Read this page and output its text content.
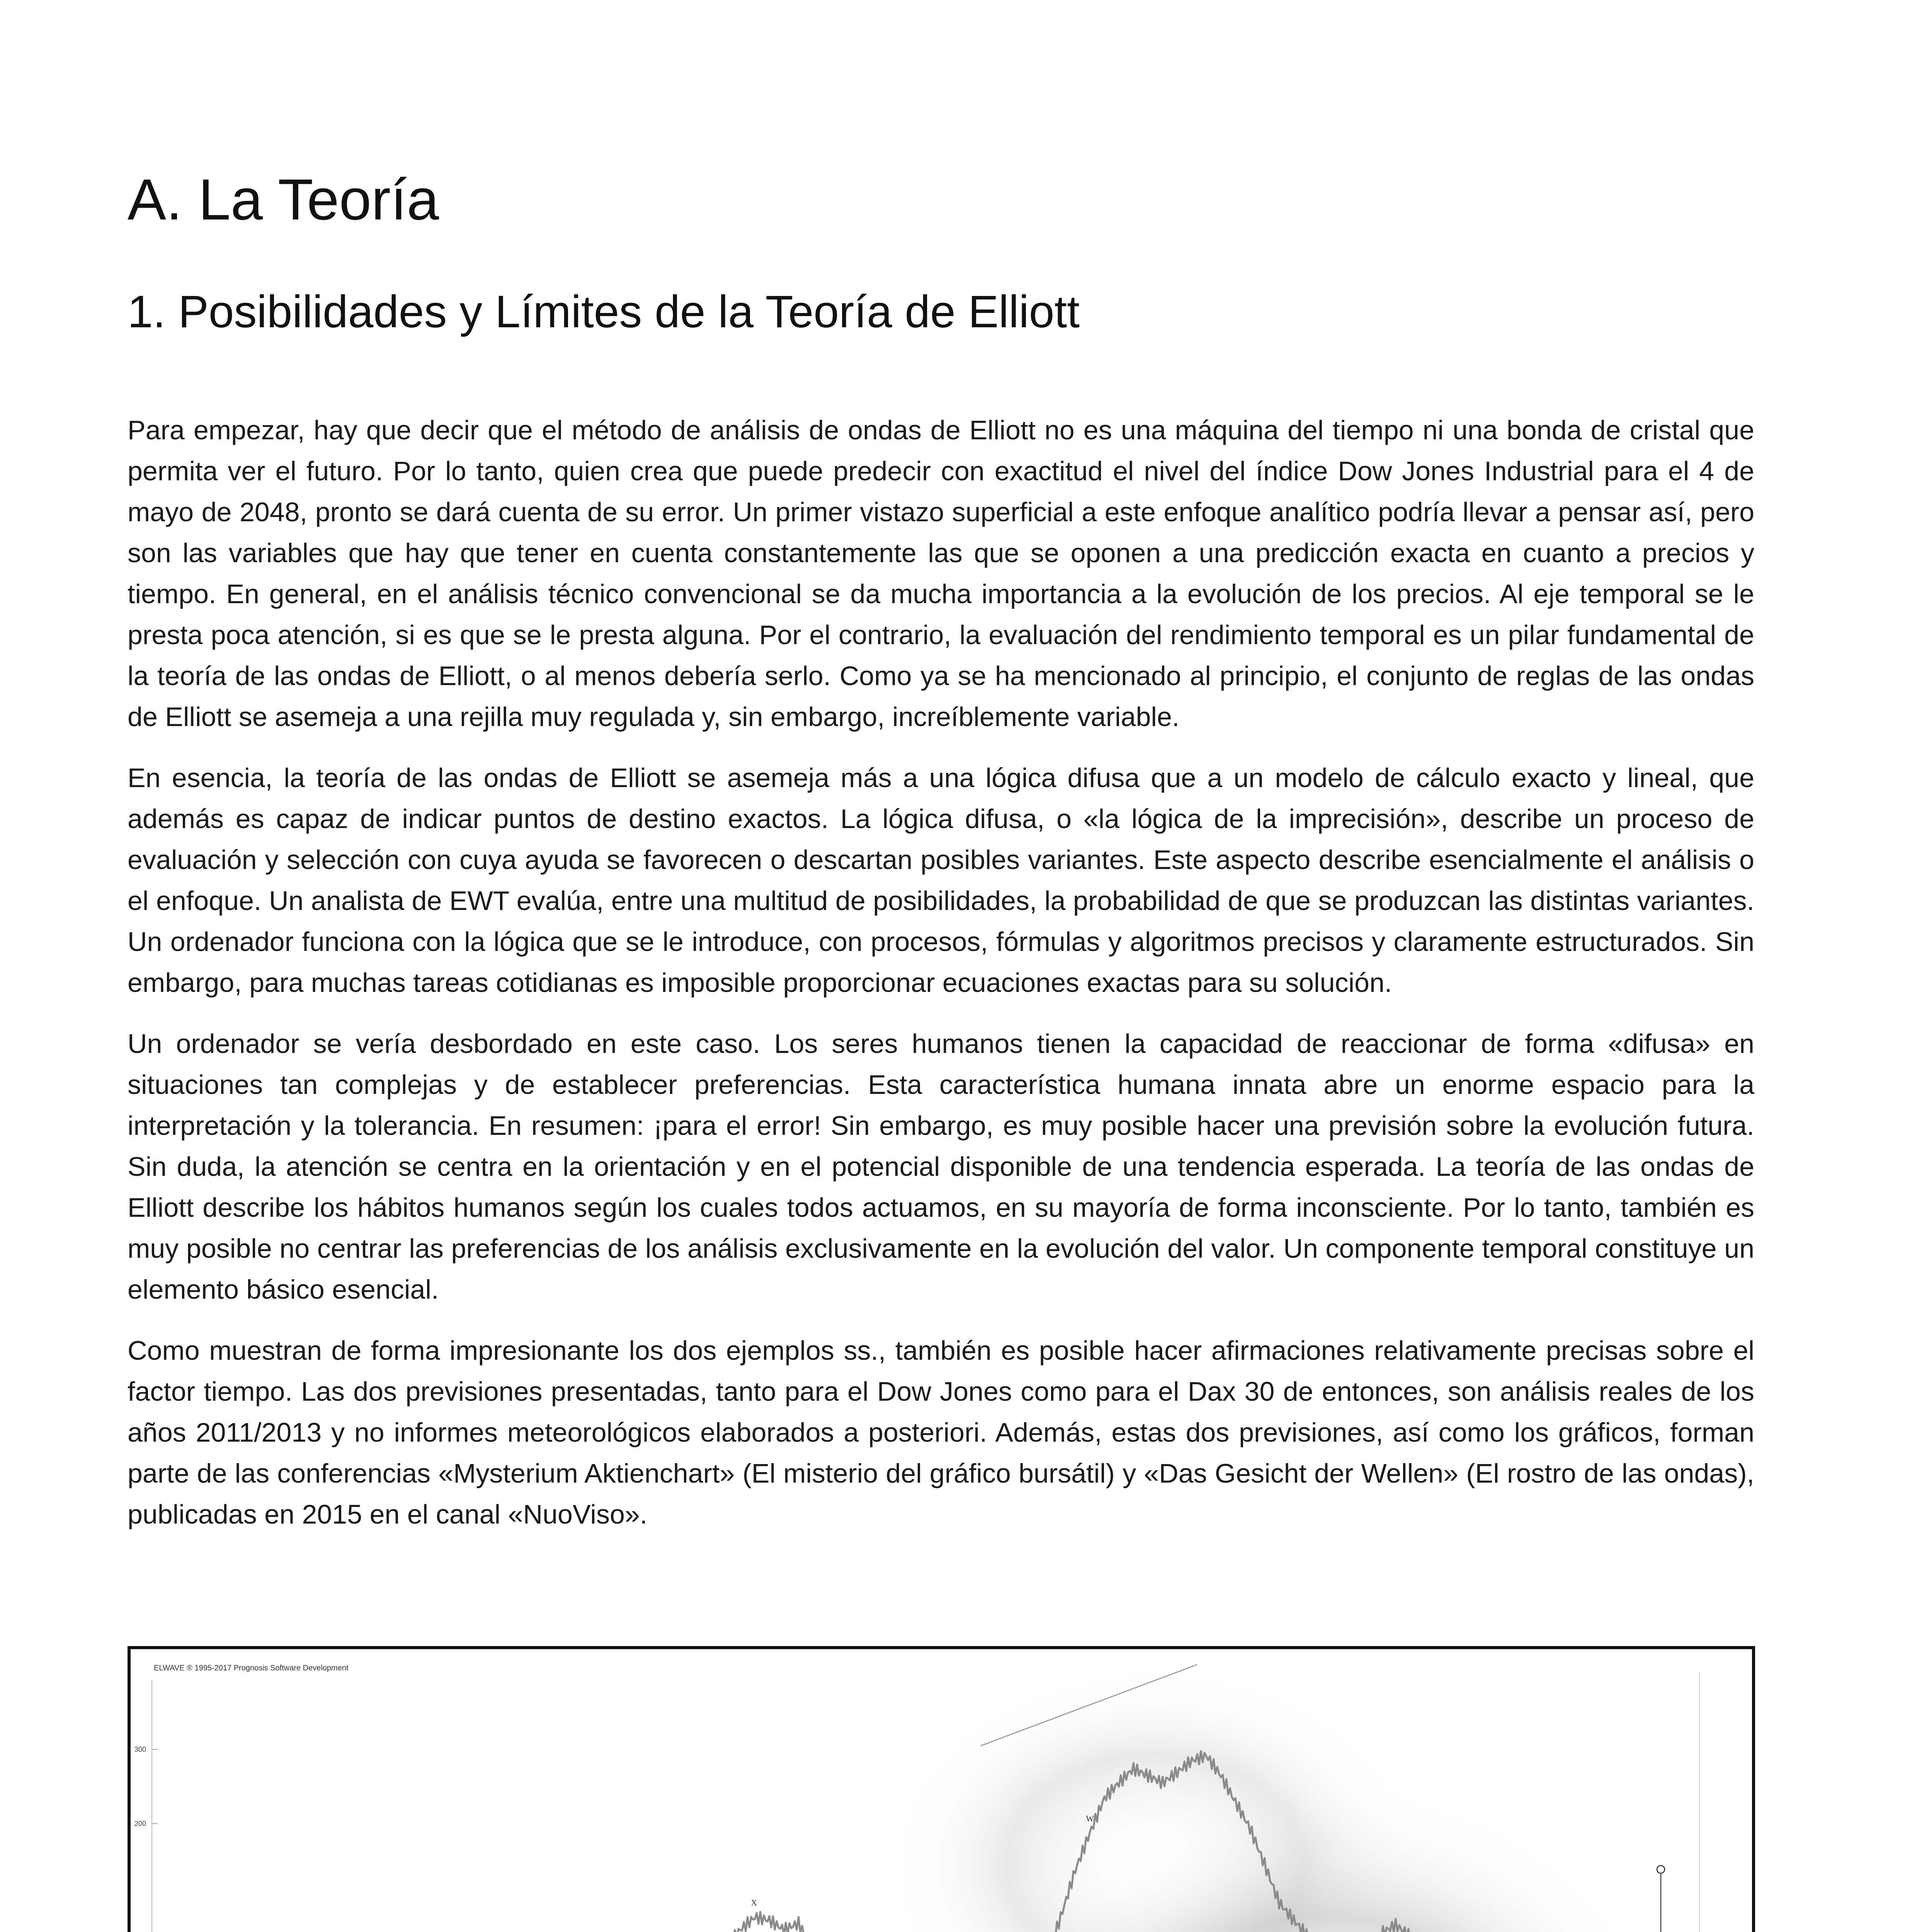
A. La Teoría
1. Posibilidades y Límites de la Teoría de Elliott

Para empezar, hay que decir que el método de análisis de ondas de Elliott no es una máquina del tiempo ni una bonda de cristal que permita ver el futuro. Por lo tanto, quien crea que puede predecir con exactitud el nivel del índice Dow Jones Industrial para el 4 de mayo de 2048, pronto se dará cuenta de su error. Un primer vistazo superficial a este enfoque analítico podría llevar a pensar así, pero son las variables que hay que tener en cuenta constantemente las que se oponen a una predicción exacta en cuanto a precios y tiempo. En general, en el análisis técnico convencional se da mucha importancia a la evolución de los precios. Al eje temporal se le presta poca atención, si es que se le presta alguna. Por el contrario, la evaluación del rendimiento temporal es un pilar fundamental de la teoría de las ondas de Elliott, o al menos debería serlo. Como ya se ha mencionado al principio, el conjunto de reglas de las ondas de Elliott se asemeja a una rejilla muy regulada y, sin embargo, increíblemente variable.

En esencia, la teoría de las ondas de Elliott se asemeja más a una lógica difusa que a un modelo de cálculo exacto y lineal, que además es capaz de indicar puntos de destino exactos. La lógica difusa, o «la lógica de la imprecisión», describe un proceso de evaluación y selección con cuya ayuda se favorecen o descartan posibles variantes. Este aspecto describe esencialmente el análisis o el enfoque. Un analista de EWT evalúa, entre una multitud de posibilidades, la probabilidad de que se produzcan las distintas variantes. Un ordenador funciona con la lógica que se le introduce, con procesos, fórmulas y algoritmos precisos y claramente estructurados. Sin embargo, para muchas tareas cotidianas es imposible proporcionar ecuaciones exactas para su solución.

Un ordenador se vería desbordado en este caso. Los seres humanos tienen la capacidad de reaccionar de forma «difusa» en situaciones tan complejas y de establecer preferencias. Esta característica humana innata abre un enorme espacio para la interpretación y la tolerancia. En resumen: ¡para el error! Sin embargo, es muy posible hacer una previsión sobre la evolución futura. Sin duda, la atención se centra en la orientación y en el potencial disponible de una tendencia esperada. La teoría de las ondas de Elliott describe los hábitos humanos según los cuales todos actuamos, en su mayoría de forma inconsciente. Por lo tanto, también es muy posible no centrar las preferencias de los análisis exclusivamente en la evolución del valor. Un componente temporal constituye un elemento básico esencial.

Como muestran de forma impresionante los dos ejemplos ss., también es posible hacer afirmaciones relativamente precisas sobre el factor tiempo. Las dos previsiones presentadas, tanto para el Dow Jones como para el Dax 30 de entonces, son análisis reales de los años 2011/2013 y no informes meteorológicos elaborados a posteriori. Además, estas dos previsiones, así como los gráficos, forman parte de las conferencias «Mysterium Aktienchart» (El misterio del gráfico bursátil) y «Das Gesicht der Wellen» (El rostro de las ondas), publicadas en 2015 en el canal «NuoViso».

ELWAVE ® 1995-2017 Prognosis Software Development
200
300
X
W
